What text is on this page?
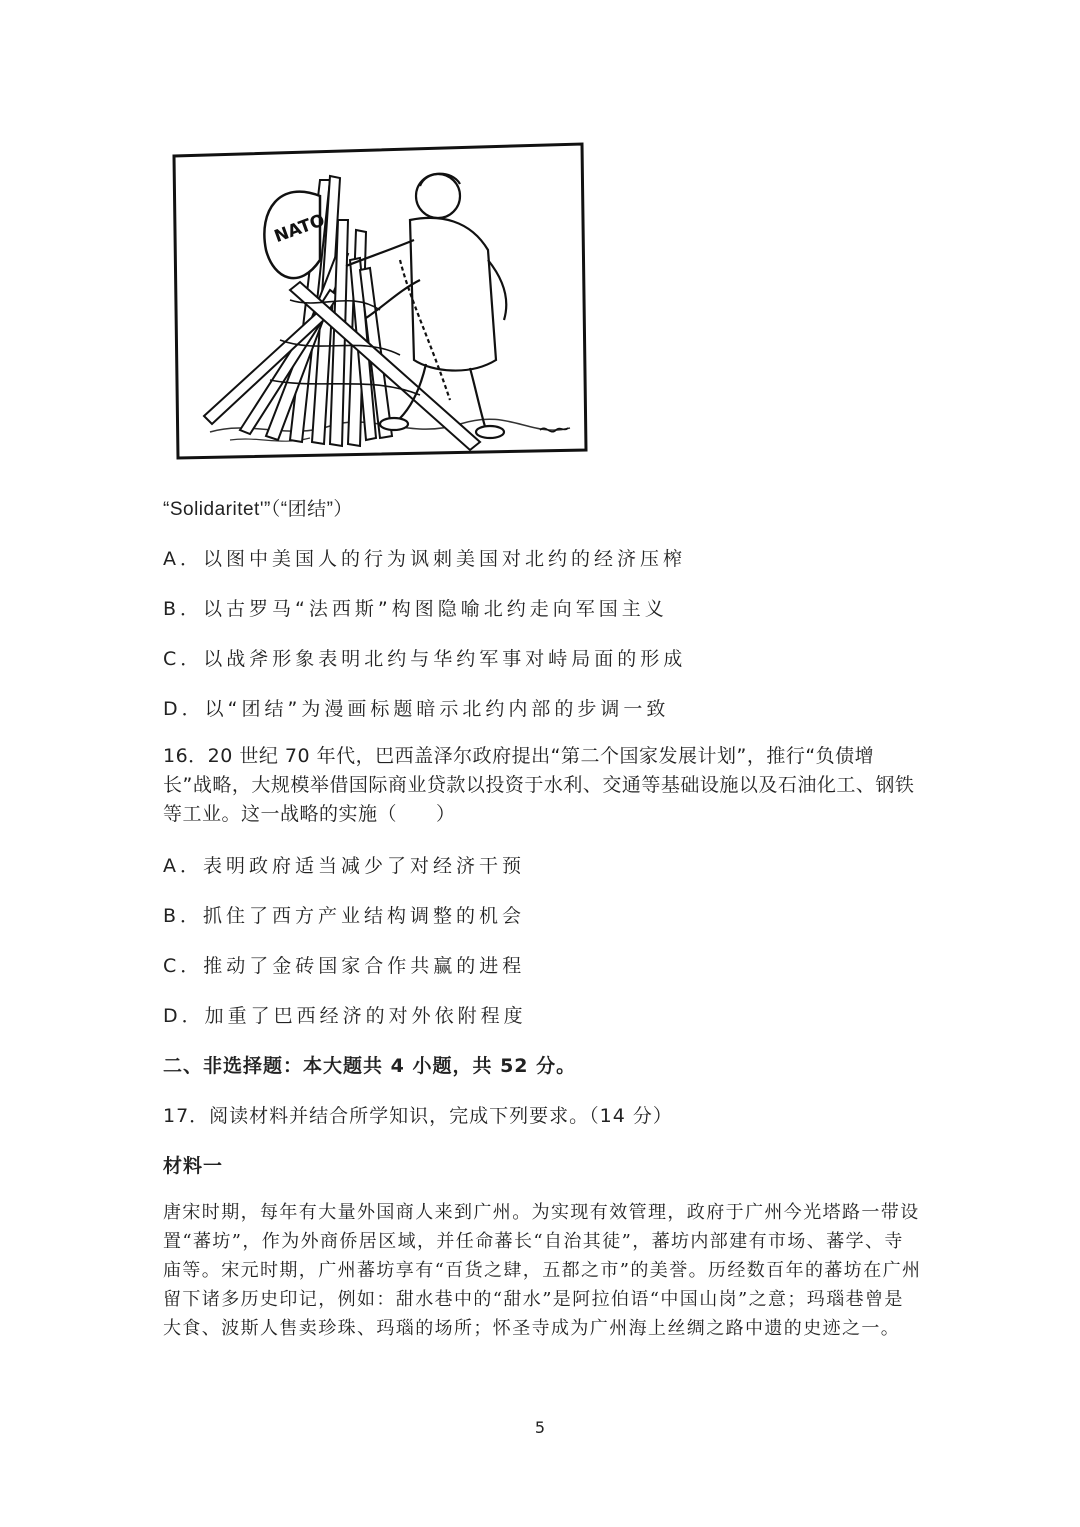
NATO
“Solidaritet'”（“团结”）
A．以图中美国人的行为讽刺美国对北约的经济压榨
B．以古罗马“法西斯”构图隐喻北约走向军国主义
C．以战斧形象表明北约与华约军事对峙局面的形成
D．以“团结”为漫画标题暗示北约内部的步调一致
16．20 世纪 70 年代，巴西盖泽尔政府提出“第二个国家发展计划”，推行“负债增长”战略，大规模举借国际商业贷款以投资于水利、交通等基础设施以及石油化工、钢铁等工业。这一战略的实施（　　）
A．表明政府适当减少了对经济干预
B．抓住了西方产业结构调整的机会
C．推动了金砖国家合作共赢的进程
D．加重了巴西经济的对外依附程度
二、非选择题：本大题共 4 小题，共 52 分。
17．阅读材料并结合所学知识，完成下列要求。（14 分）
材料一
唐宋时期，每年有大量外国商人来到广州。为实现有效管理，政府于广州今光塔路一带设置“蕃坊”，作为外商侨居区域，并任命蕃长“自治其徒”，蕃坊内部建有市场、蕃学、寺庙等。宋元时期，广州蕃坊享有“百货之肆，五都之市”的美誉。历经数百年的蕃坊在广州留下诸多历史印记，例如：甜水巷中的“甜水”是阿拉伯语“中国山岗”之意；玛瑙巷曾是大食、波斯人售卖珍珠、玛瑙的场所；怀圣寺成为广州海上丝绸之路中遗的史迹之一。
5
